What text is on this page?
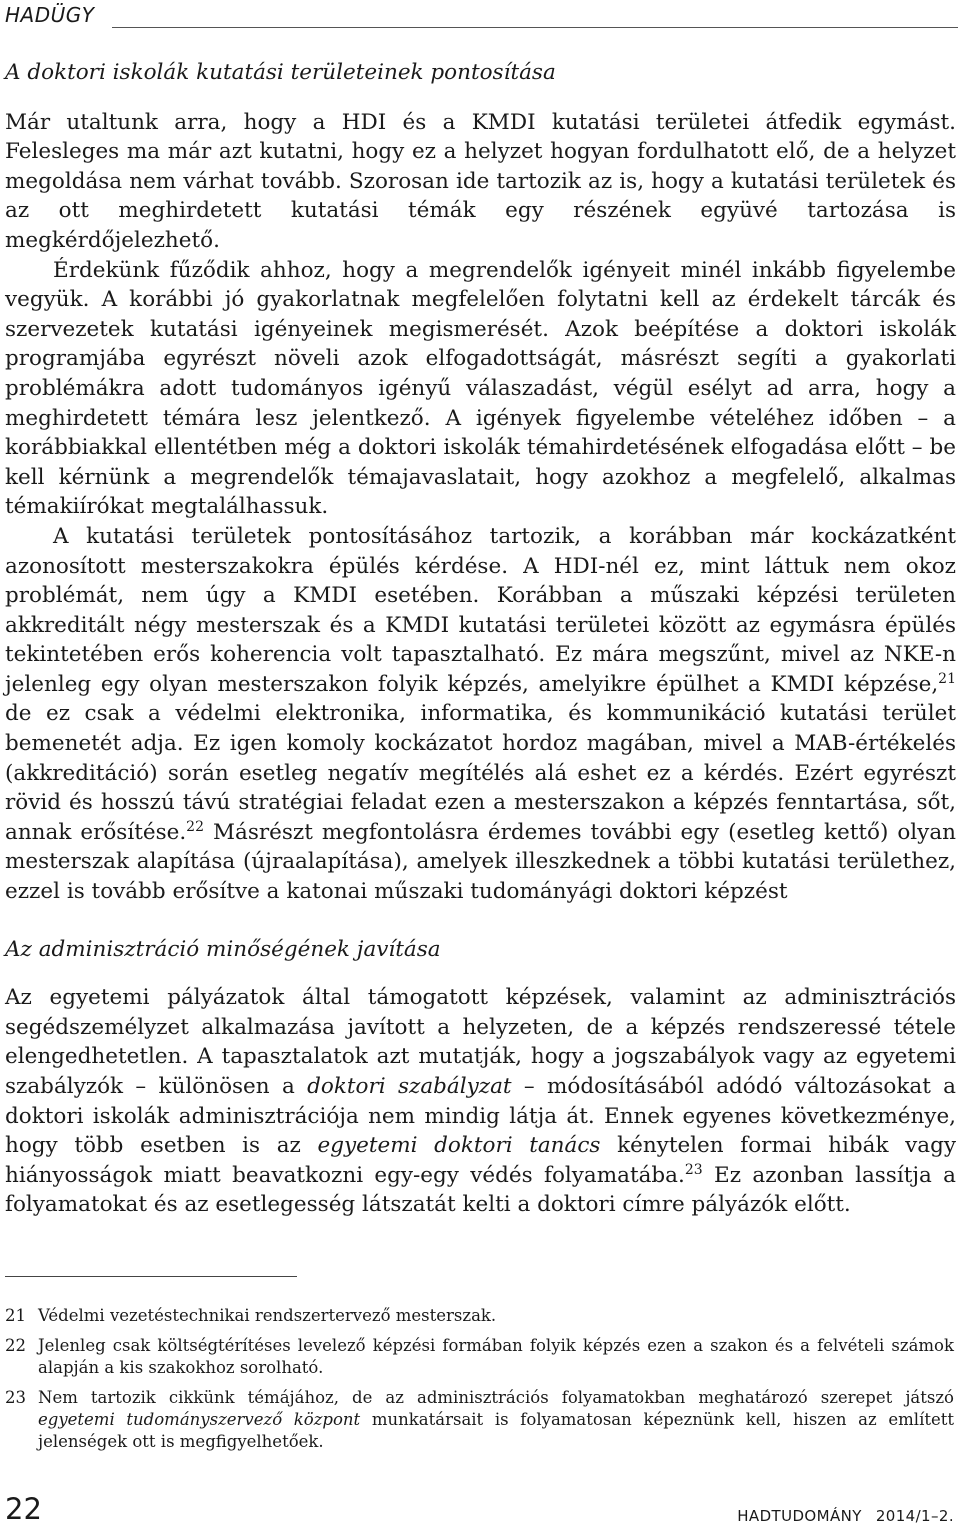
HADÜGY
A doktori iskolák kutatási területeinek pontosítása

Már utaltunk arra, hogy a HDI és a KMDI kutatási területei átfedik egymást. Felesleges ma már azt kutatni, hogy ez a helyzet hogyan fordulhatott elő, de a helyzet megoldása nem várhat tovább. Szorosan ide tartozik az is, hogy a kutatási területek és az ott meghirdetett kutatási témák egy részének együvé tartozása is megkérdőjelezhető.

Érdekünk fűződik ahhoz, hogy a megrendelők igényeit minél inkább figyelembe vegyük. A korábbi jó gyakorlatnak megfelelően folytatni kell az érdekelt tárcák és szervezetek kutatási igényeinek megismerését. Azok beépítése a doktori iskolák programjába egyrészt növeli azok elfogadottságát, másrészt segíti a gyakorlati problémákra adott tudományos igényű válaszadást, végül esélyt ad arra, hogy a meghirdetett témára lesz jelentkező. A igények figyelembe vételéhez időben – a korábbiakkal ellentétben még a doktori iskolák témahirdetésének elfogadása előtt – be kell kérnünk a megrendelők témajavaslatait, hogy azokhoz a megfelelő, alkalmas témakiírókat megtalálhassuk.

A kutatási területek pontosításához tartozik, a korábban már kockázatként azonosított mesterszakokra épülés kérdése. A HDI-nél ez, mint láttuk nem okoz problémát, nem úgy a KMDI esetében. Korábban a műszaki képzési területen akkreditált négy mesterszak és a KMDI kutatási területei között az egymásra épülés tekintetében erős koherencia volt tapasztalható. Ez mára megszűnt, mivel az NKE-n jelenleg egy olyan mesterszakon folyik képzés, amelyikre épülhet a KMDI képzése,$^{21}$ de ez csak a védelmi elektronika, informatika, és kommunikáció kutatási terület bemenetét adja. Ez igen komoly kockázatot hordoz magában, mivel a MAB-értékelés (akkreditáció) során esetleg negatív megítélés alá eshet ez a kérdés. Ezért egyrészt rövid és hosszú távú stratégiai feladat ezen a mesterszakon a képzés fenntartása, sőt, annak erősítése.$^{22}$ Másrészt megfontolásra érdemes további egy (esetleg kettő) olyan mesterszak alapítása (újraalapítása), amelyek illeszkednek a többi kutatási területhez, ezzel is tovább erősítve a katonai műszaki tudományági doktori képzést

Az adminisztráció minőségének javítása

Az egyetemi pályázatok által támogatott képzések, valamint az adminisztrációs segédszemélyzet alkalmazása javított a helyzeten, de a képzés rendszeressé tétele elengedhetetlen. A tapasztalatok azt mutatják, hogy a jogszabályok vagy az egyetemi szabályzók – különösen a doktori szabályzat – módosításából adódó változásokat a doktori iskolák adminisztrációja nem mindig látja át. Ennek egyenes következménye, hogy több esetben is az egyetemi doktori tanács kénytelen formai hibák vagy hiányosságok miatt beavatkozni egy-egy védés folyamatába.$^{23}$ Ez azonban lassítja a folyamatokat és az esetlegesség látszatát kelti a doktori címre pályázók előtt.

21 Védelmi vezetéstechnikai rendszertervező mesterszak.
22 Jelenleg csak költségtérítéses levelező képzési formában folyik képzés ezen a szakon és a felvételi számok alapján a kis szakokhoz sorolható.
23 Nem tartozik cikkünk témájához, de az adminisztrációs folyamatokban meghatározó szerepet játszó egyetemi tudományszervező központ munkatársait is folyamatosan képeznünk kell, hiszen az említett jelenségek ott is megfigyelhetőek.
22	HADTUDOMÁNY 2014/1–2.
